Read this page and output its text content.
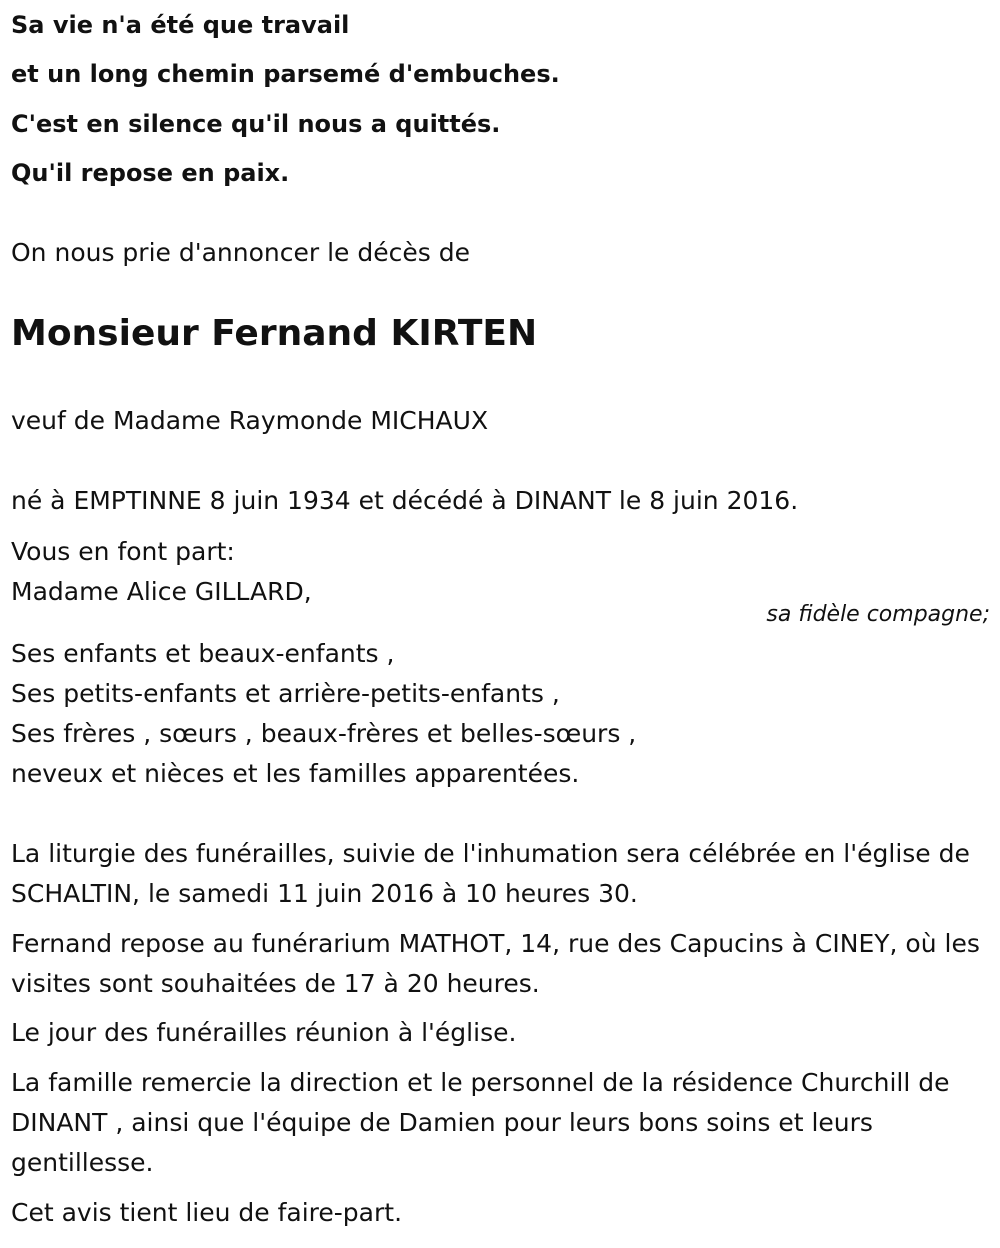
Sa vie n'a été que travail
et un long chemin parsemé d'embuches.
C'est en silence qu'il nous a quittés.
Qu'il repose en paix.
On nous prie d'annoncer le décès de
Monsieur Fernand KIRTEN
veuf de Madame Raymonde MICHAUX
né à EMPTINNE 8 juin 1934 et décédé à DINANT le 8 juin 2016.
Vous en font part:
Madame Alice GILLARD,
sa fidèle compagne;
Ses enfants et beaux-enfants ,
Ses petits-enfants et arrière-petits-enfants ,
Ses frères , sœurs , beaux-frères et belles-sœurs ,
neveux et nièces et les familles apparentées.
La liturgie des funérailles, suivie de l'inhumation sera célébrée en l'église de SCHALTIN, le samedi 11 juin 2016 à 10 heures 30.
Fernand repose au funérarium MATHOT, 14, rue des Capucins à CINEY, où les visites sont souhaitées de 17 à 20 heures.
Le jour des funérailles réunion à l'église.
La famille remercie la direction et le personnel de la résidence Churchill de DINANT , ainsi que l'équipe de Damien pour leurs bons soins et leurs gentillesse.
Cet avis tient lieu de faire-part.
